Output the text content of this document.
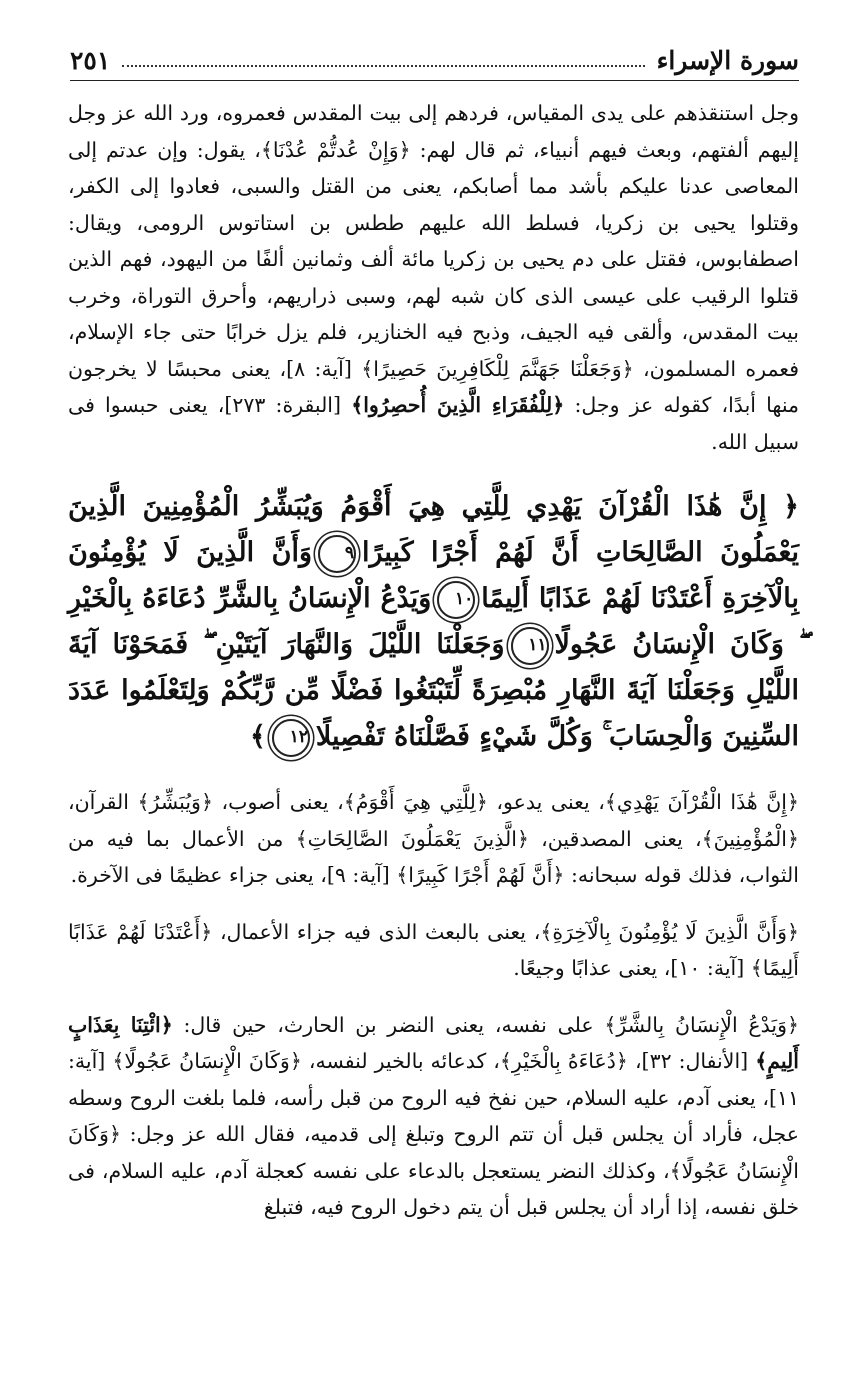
سورة الإسراء
٢٥١

وجل استنقذهم على يدى المقياس، فردهم إلى بيت المقدس فعمروه، ورد الله عز وجل إليهم ألفتهم، وبعث فيهم أنبياء، ثم قال لهم: ﴿وَإِنْ عُدتُّمْ عُدْنَا﴾، يقول: وإن عدتم إلى المعاصى عدنا عليكم بأشد مما أصابكم، يعنى من القتل والسبى، فعادوا إلى الكفر، وقتلوا يحيى بن زكريا، فسلط الله عليهم ططس بن استاتوس الرومى، ويقال: اصطفابوس، فقتل على دم يحيى بن زكريا مائة ألف وثمانين ألفًا من اليهود، فهم الذين قتلوا الرقيب على عيسى الذى كان شبه لهم، وسبى ذراريهم، وأحرق التوراة، وخرب بيت المقدس، وألقى فيه الجيف، وذبح فيه الخنازير، فلم يزل خرابًا حتى جاء الإسلام، فعمره المسلمون، ﴿وَجَعَلْنَا جَهَنَّمَ لِلْكَافِرِينَ حَصِيرًا﴾ [آية: ٨]، يعنى محبسًا لا يخرجون منها أبدًا، كقوله عز وجل: ﴿لِلْفُقَرَاءِ الَّذِينَ أُحصِرُوا﴾ [البقرة: ٢٧٣]، يعنى حبسوا فى سبيل الله.

﴿ إِنَّ هَٰذَا الْقُرْآنَ يَهْدِي لِلَّتِي هِيَ أَقْوَمُ وَيُبَشِّرُ الْمُؤْمِنِينَ الَّذِينَ يَعْمَلُونَ الصَّالِحَاتِ أَنَّ لَهُمْ أَجْرًا كَبِيرًا٩وَأَنَّ الَّذِينَ لَا يُؤْمِنُونَ بِالْآخِرَةِ أَعْتَدْنَا لَهُمْ عَذَابًا أَلِيمًا١٠وَيَدْعُ الْإِنسَانُ بِالشَّرِّ دُعَاءَهُ بِالْخَيْرِ ۖ وَكَانَ الْإِنسَانُ عَجُولًا١١وَجَعَلْنَا اللَّيْلَ وَالنَّهَارَ آيَتَيْنِ ۖ فَمَحَوْنَا آيَةَ اللَّيْلِ وَجَعَلْنَا آيَةَ النَّهَارِ مُبْصِرَةً لِّتَبْتَغُوا فَضْلًا مِّن رَّبِّكُمْ وَلِتَعْلَمُوا عَدَدَ السِّنِينَ وَالْحِسَابَ ۚ وَكُلَّ شَيْءٍ فَصَّلْنَاهُ تَفْصِيلًا١٢﴾

﴿إِنَّ هَٰذَا الْقُرْآنَ يَهْدِي﴾، يعنى يدعو، ﴿لِلَّتِي هِيَ أَقْوَمُ﴾، يعنى أصوب، ﴿وَيُبَشِّرُ﴾ القرآن، ﴿الْمُؤْمِنِينَ﴾، يعنى المصدقين، ﴿الَّذِينَ يَعْمَلُونَ الصَّالِحَاتِ﴾ من الأعمال بما فيه من الثواب، فذلك قوله سبحانه: ﴿أَنَّ لَهُمْ أَجْرًا كَبِيرًا﴾ [آية: ٩]، يعنى جزاء عظيمًا فى الآخرة.

﴿وَأَنَّ الَّذِينَ لَا يُؤْمِنُونَ بِالْآخِرَةِ﴾، يعنى بالبعث الذى فيه جزاء الأعمال، ﴿أَعْتَدْنَا لَهُمْ عَذَابًا أَلِيمًا﴾ [آية: ١٠]، يعنى عذابًا وجيعًا.

﴿وَيَدْعُ الْإِنسَانُ بِالشَّرِّ﴾ على نفسه، يعنى النضر بن الحارث، حين قال: ﴿ائْتِنَا بِعَذَابٍ أَلِيمٍ﴾ [الأنفال: ٣٢]، ﴿دُعَاءَهُ بِالْخَيْرِ﴾، كدعائه بالخير لنفسه، ﴿وَكَانَ الْإِنسَانُ عَجُولًا﴾ [آية: ١١]، يعنى آدم، عليه السلام، حين نفخ فيه الروح من قبل رأسه، فلما بلغت الروح وسطه عجل، فأراد أن يجلس قبل أن تتم الروح وتبلغ إلى قدميه، فقال الله عز وجل: ﴿وَكَانَ الْإِنسَانُ عَجُولًا﴾، وكذلك النضر يستعجل بالدعاء على نفسه كعجلة آدم، عليه السلام، فى خلق نفسه، إذا أراد أن يجلس قبل أن يتم دخول الروح فيه، فتبلغ
